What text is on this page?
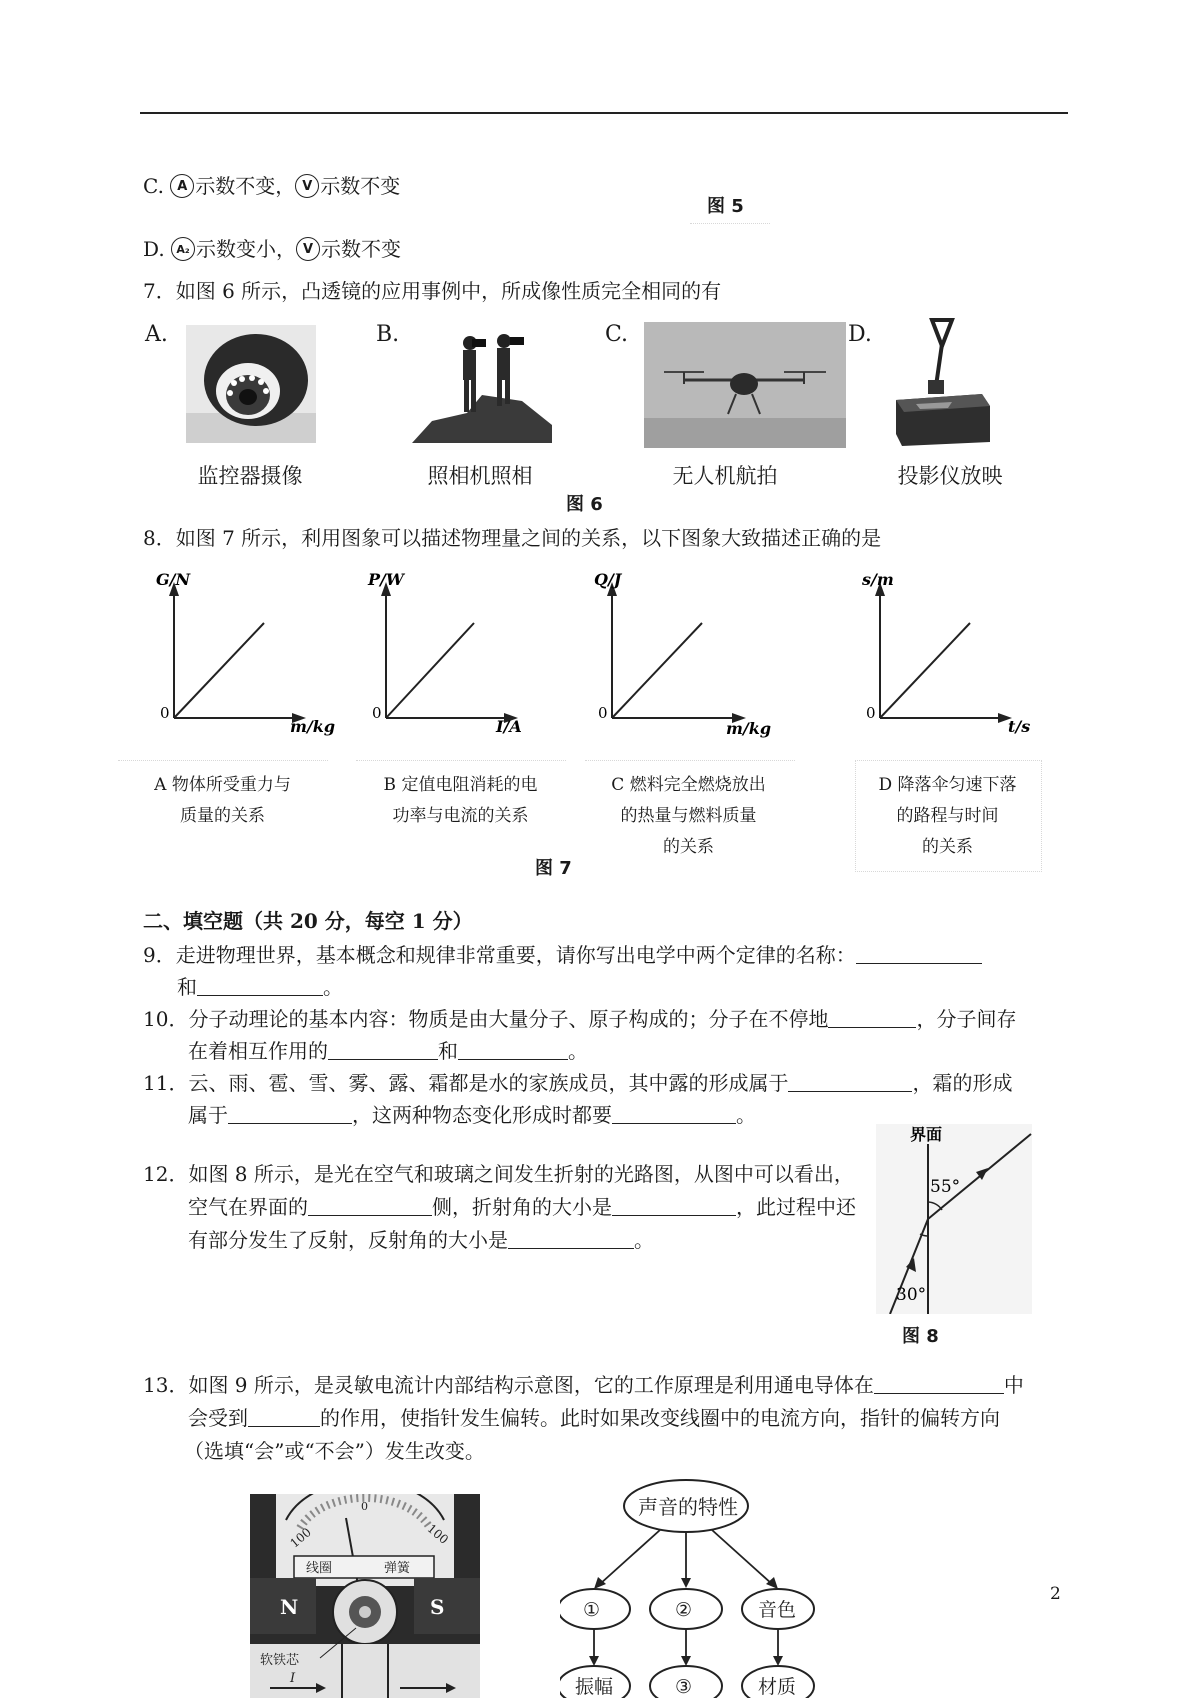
C. A 示数不变， V 示数不变
图 5
D. A₂ 示数变小， V 示数不变
7．如图 6 所示，凸透镜的应用事例中，所成像性质完全相同的有
A.
监控器摄像
B.
照相机照相
C.
无人机航拍
D.
投影仪放映
图 6
8．如图 7 所示，利用图象可以描述物理量之间的关系，以下图象大致描述正确的是
G/N
0
m/kg
A 物体所受重力与
质量的关系
P/W
0
I/A
B 定值电阻消耗的电
功率与电流的关系
Q/J
0
m/kg
C 燃料完全燃烧放出
的热量与燃料质量
的关系
s/m
0
t/s
D 降落伞匀速下落
的路程与时间
的关系
图 7
二、填空题（共 20 分，每空 1 分）
9．走进物理世界，基本概念和规律非常重要，请你写出电学中两个定律的名称：
和	。
10．分子动理论的基本内容：物质是由大量分子、原子构成的；分子在不停地	，分子间存
在着相互作用的	和	。
11．云、雨、雹、雪、雾、露、霜都是水的家族成员，其中露的形成属于	，霜的形成
属于	，这两种物态变化形成时都要	。
12．如图 8 所示，是光在空气和玻璃之间发生折射的光路图，从图中可以看出，
空气在界面的	侧，折射角的大小是	，此过程中还
有部分发生了反射，反射角的大小是	。
界面
55°
30°
图 8
13．如图 9 所示，是灵敏电流计内部结构示意图，它的工作原理是利用通电导体在	中
会受到	的作用，使指针发生偏转。此时如果改变线圈中的电流方向，指针的偏转方向
（选填“会”或“不会”）发生改变。
100
0
100
线圈	弹簧
N	S
软铁芯
I
声音的特性
①	②	音色
振幅	③	材质
2
